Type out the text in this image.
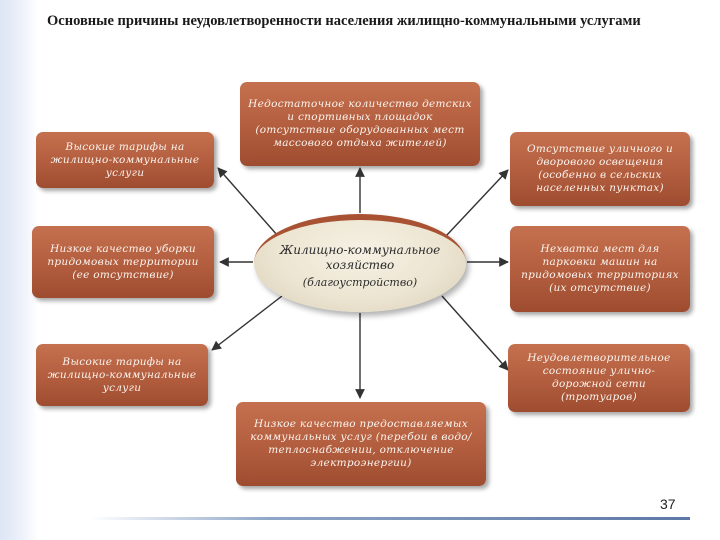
Основные причины неудовлетворенности населения жилищно-коммунальными услугами
Недостаточное количество детских и спортивных площадок (отсутствие оборудованных мест массового отдыха жителей)
Высокие тарифы на жилищно-коммунальные услуги
Отсутствие уличного и дворового освещения (особенно в сельских населенных пунктах)
Низкое качество уборки придомовых территории (ее отсутствие)
Нехватка мест для парковки машин на придомовых территориях (их отсутствие)
Высокие тарифы на жилищно-коммунальные услуги
Неудовлетворительное состояние улично-дорожной сети (тротуаров)
Низкое качество предоставляемых коммунальных услуг (перебои в водо/теплоснабжении, отключение электроэнергии)
Жилищно-коммунальное хозяйство
(благоустройство)
37
